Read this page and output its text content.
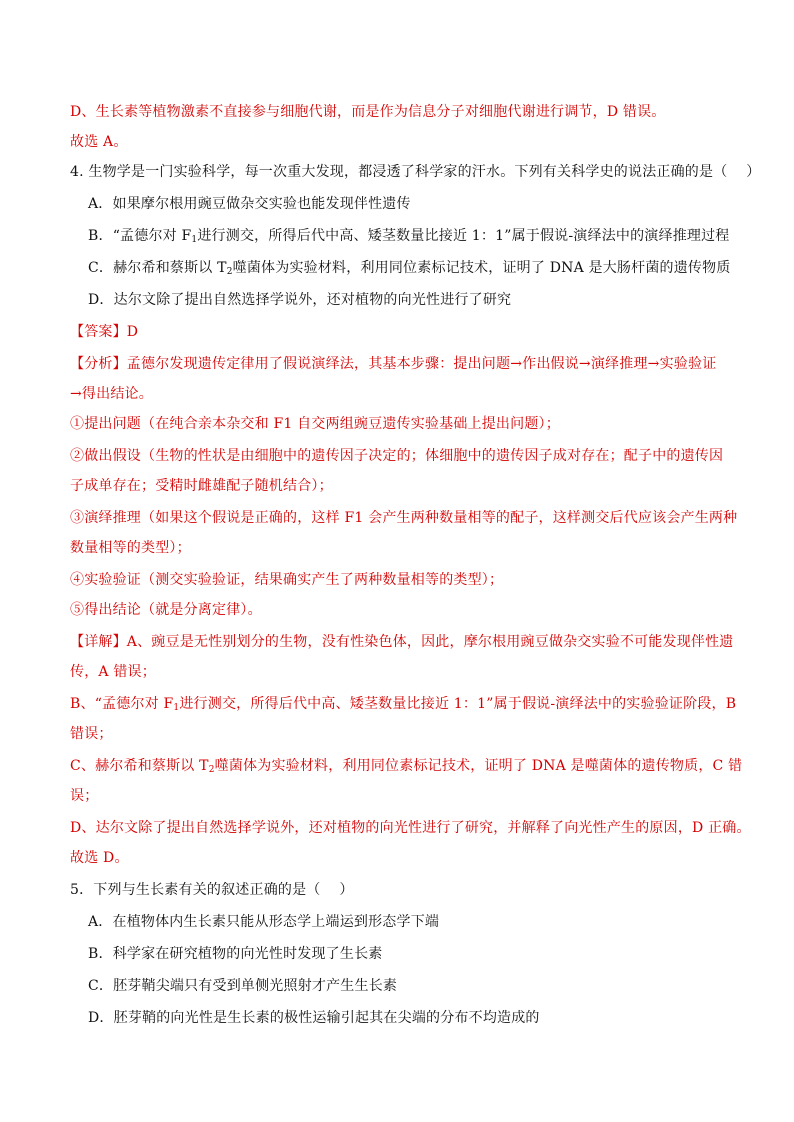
D、生长素等植物激素不直接参与细胞代谢，而是作为信息分子对细胞代谢进行调节，D 错误。
故选 A。
4. 生物学是一门实验科学，每一次重大发现，都浸透了科学家的汗水。下列有关科学史的说法正确的是（　 ）
A．如果摩尔根用豌豆做杂交实验也能发现伴性遗传
B．“孟德尔对 $F_1$进行测交，所得后代中高、矮茎数量比接近 1：1”属于假说-演绎法中的演绎推理过程
C．赫尔希和蔡斯以 $T_2$噬菌体为实验材料，利用同位素标记技术，证明了 DNA 是大肠杆菌的遗传物质
D．达尔文除了提出自然选择学说外，还对植物的向光性进行了研究
【答案】D
【分析】孟德尔发现遗传定律用了假说演绎法，其基本步骤：提出问题→作出假说→演绎推理→实验验证
→得出结论。
①提出问题（在纯合亲本杂交和 F1 自交两组豌豆遗传实验基础上提出问题）；
②做出假设（生物的性状是由细胞中的遗传因子决定的；体细胞中的遗传因子成对存在；配子中的遗传因
子成单存在；受精时雌雄配子随机结合）；
③演绎推理（如果这个假说是正确的，这样 F1 会产生两种数量相等的配子，这样测交后代应该会产生两种
数量相等的类型）；
④实验验证（测交实验验证，结果确实产生了两种数量相等的类型）；
⑤得出结论（就是分离定律）。
【详解】A、豌豆是无性别划分的生物，没有性染色体，因此，摩尔根用豌豆做杂交实验不可能发现伴性遗
传，A 错误；
B、“孟德尔对 $F_1$进行测交，所得后代中高、矮茎数量比接近 1：1”属于假说-演绎法中的实验验证阶段，B
错误；
C、赫尔希和蔡斯以 $T_2$噬菌体为实验材料，利用同位素标记技术，证明了 DNA 是噬菌体的遗传物质，C 错
误；
D、达尔文除了提出自然选择学说外，还对植物的向光性进行了研究，并解释了向光性产生的原因，D 正确。
故选 D。
5．下列与生长素有关的叙述正确的是（　 ）
A．在植物体内生长素只能从形态学上端运到形态学下端
B．科学家在研究植物的向光性时发现了生长素
C．胚芽鞘尖端只有受到单侧光照射才产生生长素
D．胚芽鞘的向光性是生长素的极性运输引起其在尖端的分布不均造成的
